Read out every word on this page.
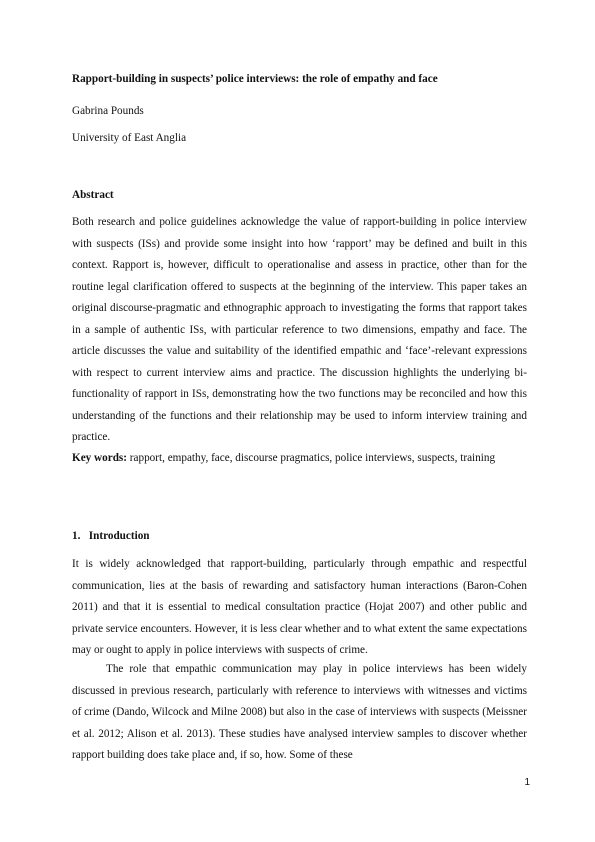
Rapport-building in suspects’ police interviews: the role of empathy and face

Gabrina Pounds

University of East Anglia

Abstract

Both research and police guidelines acknowledge the value of rapport-building in police interview with suspects (ISs) and provide some insight into how ‘rapport’ may be defined and built in this context. Rapport is, however, difficult to operationalise and assess in practice, other than for the routine legal clarification offered to suspects at the beginning of the interview. This paper takes an original discourse-pragmatic and ethnographic approach to investigating the forms that rapport takes in a sample of authentic ISs, with particular reference to two dimensions, empathy and face. The article discusses the value and suitability of the identified empathic and ‘face’-relevant expressions with respect to current interview aims and practice. The discussion highlights the underlying bi-functionality of rapport in ISs, demonstrating how the two functions may be reconciled and how this understanding of the functions and their relationship may be used to inform interview training and practice.

Key words: rapport, empathy, face, discourse pragmatics, police interviews, suspects, training

1. Introduction

It is widely acknowledged that rapport-building, particularly through empathic and respectful communication, lies at the basis of rewarding and satisfactory human interactions (Baron-Cohen 2011) and that it is essential to medical consultation practice (Hojat 2007) and other public and private service encounters. However, it is less clear whether and to what extent the same expectations may or ought to apply in police interviews with suspects of crime.

The role that empathic communication may play in police interviews has been widely discussed in previous research, particularly with reference to interviews with witnesses and victims of crime (Dando, Wilcock and Milne 2008) but also in the case of interviews with suspects (Meissner et al. 2012; Alison et al. 2013). These studies have analysed interview samples to discover whether rapport building does take place and, if so, how. Some of these

1
